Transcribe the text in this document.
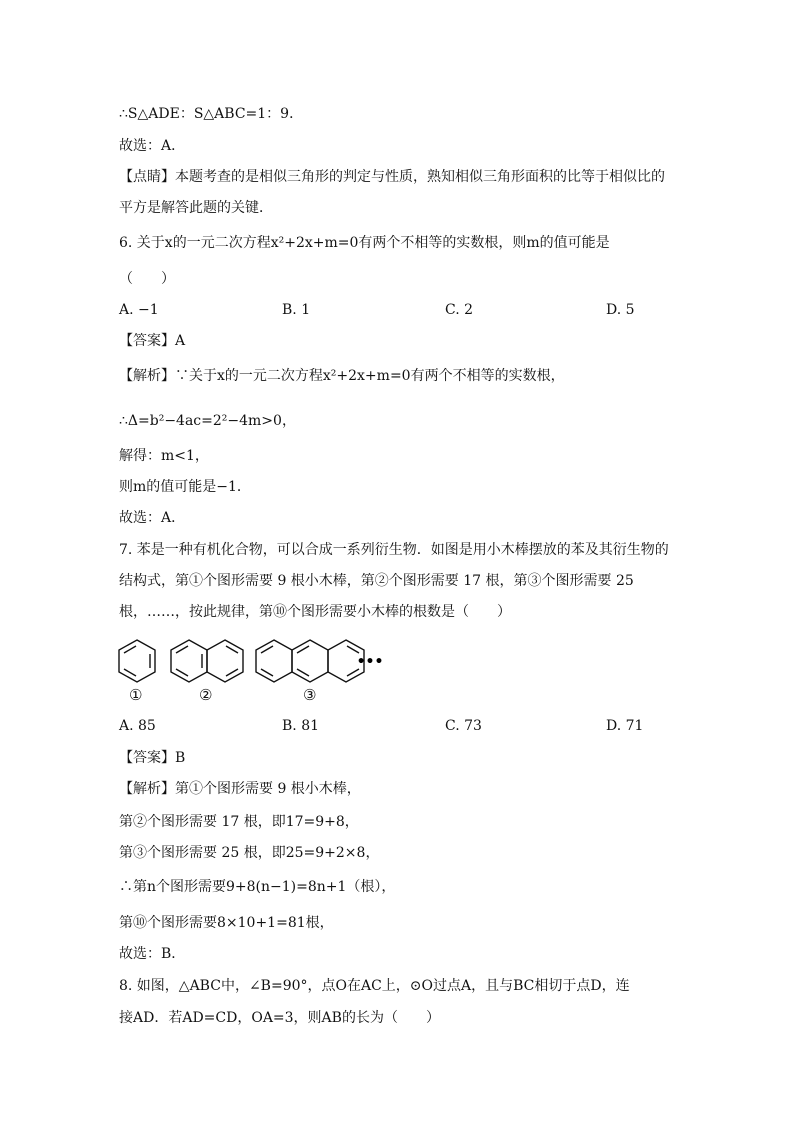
∴S△ADE：S△ABC=1：9．
故选：A．
【点睛】本题考查的是相似三角形的判定与性质，熟知相似三角形面积的比等于相似比的
平方是解答此题的关键．
6. 关于x的一元二次方程x²+2x+m=0有两个不相等的实数根，则m的值可能是
（　　）
A. −1	B. 1	C. 2	D. 5
【答案】A
【解析】∵关于x的一元二次方程x²+2x+m=0有两个不相等的实数根，
∴Δ=b²−4ac=2²−4m>0，
解得：m<1，
则m的值可能是−1．
故选：A．
7. 苯是一种有机化合物，可以合成一系列衍生物．如图是用小木棒摆放的苯及其衍生物的
结构式，第①个图形需要 9 根小木棒，第②个图形需要 17 根，第③个图形需要 25
根，……，按此规律，第⑩个图形需要小木棒的根数是（　　）
•••
①	②	③
A. 85	B. 81	C. 73	D. 71
【答案】B
【解析】第①个图形需要 9 根小木棒，
第②个图形需要 17 根，即17=9+8，
第③个图形需要 25 根，即25=9+2×8，
∴第n个图形需要9+8(n−1)=8n+1（根），
第⑩个图形需要8×10+1=81根，
故选：B．
8. 如图，△ABC中，∠B=90°，点O在AC上，⊙O过点A，且与BC相切于点D，连
接AD．若AD=CD，OA=3，则AB的长为（　　）
